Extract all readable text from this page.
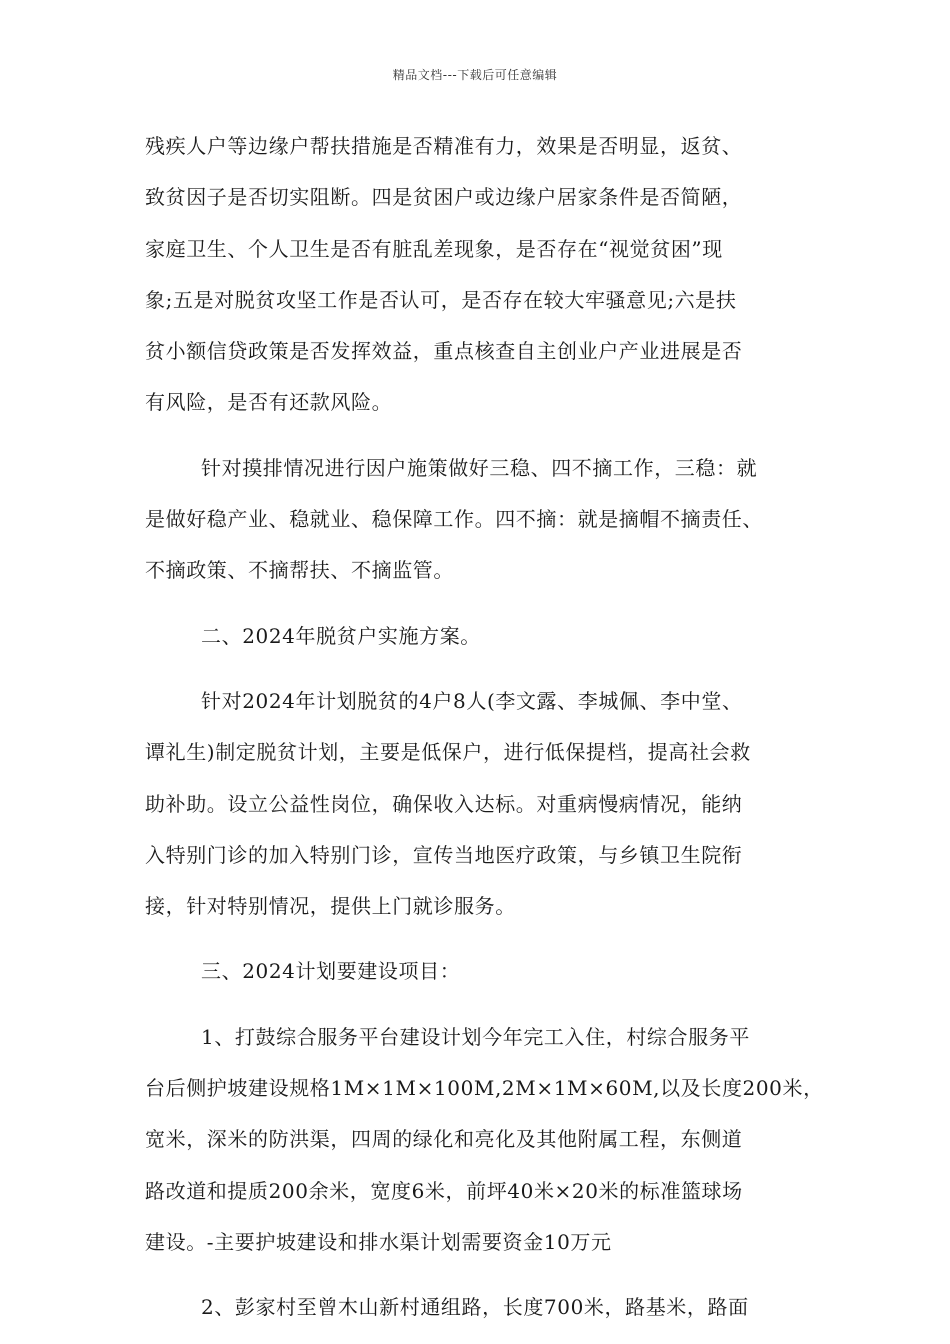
精品文档---下载后可任意编辑
残疾人户等边缘户帮扶措施是否精准有力，效果是否明显，返贫、
致贫因子是否切实阻断。四是贫困户或边缘户居家条件是否简陋，
家庭卫生、个人卫生是否有脏乱差现象，是否存在“视觉贫困”现
象;五是对脱贫攻坚工作是否认可，是否存在较大牢骚意见;六是扶
贫小额信贷政策是否发挥效益，重点核查自主创业户产业进展是否
有风险，是否有还款风险。
针对摸排情况进行因户施策做好三稳、四不摘工作，三稳：就
是做好稳产业、稳就业、稳保障工作。四不摘：就是摘帽不摘责任、
不摘政策、不摘帮扶、不摘监管。
二、2024年脱贫户实施方案。
针对2024年计划脱贫的4户8人(李文露、李城佩、李中堂、
谭礼生)制定脱贫计划，主要是低保户，进行低保提档，提高社会救
助补助。设立公益性岗位，确保收入达标。对重病慢病情况，能纳
入特别门诊的加入特别门诊，宣传当地医疗政策，与乡镇卫生院衔
接，针对特别情况，提供上门就诊服务。
三、2024计划要建设项目：
1、打鼓综合服务平台建设计划今年完工入住，村综合服务平
台后侧护坡建设规格1M×1M×100M,2M×1M×60M,以及长度200米，
宽米，深米的防洪渠，四周的绿化和亮化及其他附属工程，东侧道
路改道和提质200余米，宽度6米，前坪40米×20米的标准篮球场
建设。-主要护坡建设和排水渠计划需要资金10万元
2、彭家村至曾木山新村通组路，长度700米，路基米，路面
